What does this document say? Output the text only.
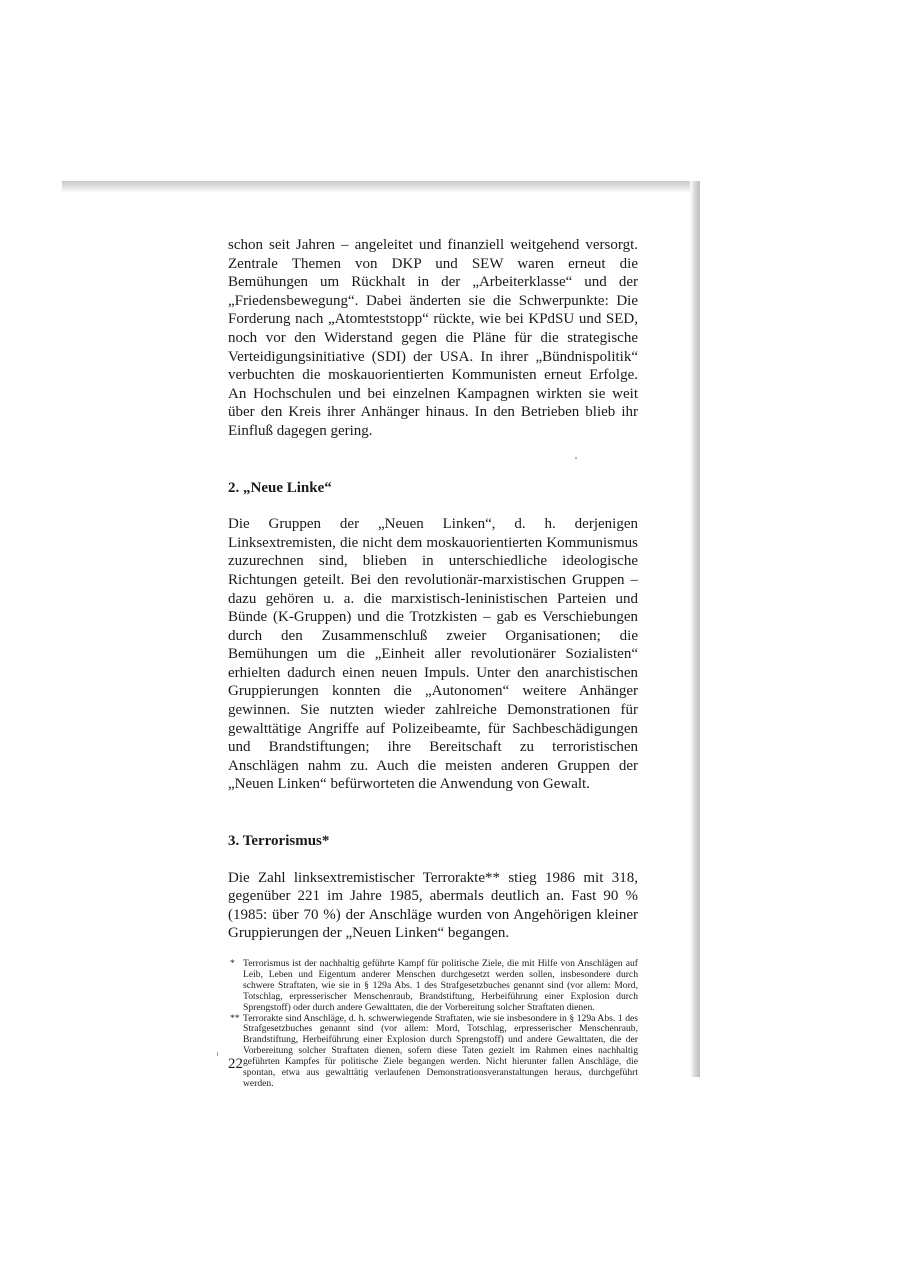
schon seit Jahren – angeleitet und finanziell weitgehend versorgt. Zentrale Themen von DKP und SEW waren erneut die Bemühungen um Rückhalt in der „Arbeiterklasse“ und der „Friedensbewegung“. Dabei änderten sie die Schwerpunkte: Die Forderung nach „Atomteststopp“ rückte, wie bei KPdSU und SED, noch vor den Widerstand gegen die Pläne für die strategische Verteidigungsinitiative (SDI) der USA. In ihrer „Bündnispolitik“ verbuchten die moskauorientierten Kommunisten erneut Erfolge. An Hochschulen und bei einzelnen Kampagnen wirkten sie weit über den Kreis ihrer Anhänger hinaus. In den Betrieben blieb ihr Einfluß dagegen gering.

2. „Neue Linke“

Die Gruppen der „Neuen Linken“, d. h. derjenigen Linksextremisten, die nicht dem moskauorientierten Kommunismus zuzurechnen sind, blieben in unterschiedliche ideologische Richtungen geteilt. Bei den revolutionär-marxistischen Gruppen – dazu gehören u. a. die marxistisch-leninistischen Parteien und Bünde (K-Gruppen) und die Trotzkisten – gab es Verschiebungen durch den Zusammenschluß zweier Organisationen; die Bemühungen um die „Einheit aller revolutionärer Sozialisten“ erhielten dadurch einen neuen Impuls. Unter den anarchistischen Gruppierungen konnten die „Autonomen“ weitere Anhänger gewinnen. Sie nutzten wieder zahlreiche Demonstrationen für gewalttätige Angriffe auf Polizeibeamte, für Sachbeschädigungen und Brandstiftungen; ihre Bereitschaft zu terroristischen Anschlägen nahm zu. Auch die meisten anderen Gruppen der „Neuen Linken“ befürworteten die Anwendung von Gewalt.

3. Terrorismus*

Die Zahl linksextremistischer Terrorakte** stieg 1986 mit 318, gegenüber 221 im Jahre 1985, abermals deutlich an. Fast 90 % (1985: über 70 %) der Anschläge wurden von Angehörigen kleiner Gruppierungen der „Neuen Linken“ begangen.

* Terrorismus ist der nachhaltig geführte Kampf für politische Ziele, die mit Hilfe von Anschlägen auf Leib, Leben und Eigentum anderer Menschen durchgesetzt werden sollen, insbesondere durch schwere Straftaten, wie sie in § 129a Abs. 1 des Strafgesetzbuches genannt sind (vor allem: Mord, Totschlag, erpresserischer Menschenraub, Brandstiftung, Herbeiführung einer Explosion durch Sprengstoff) oder durch andere Gewalttaten, die der Vorbereitung solcher Straftaten dienen.
** Terrorakte sind Anschläge, d. h. schwerwiegende Straftaten, wie sie insbesondere in § 129a Abs. 1 des Strafgesetzbuches genannt sind (vor allem: Mord, Totschlag, erpresserischer Menschenraub, Brandstiftung, Herbeiführung einer Explosion durch Sprengstoff) und andere Gewalttaten, die der Vorbereitung solcher Straftaten dienen, sofern diese Taten gezielt im Rahmen eines nachhaltig geführten Kampfes für politische Ziele begangen werden. Nicht hierunter fallen Anschläge, die spontan, etwa aus gewalttätig verlaufenen Demonstrationsveranstaltungen heraus, durchgeführt werden.
22
